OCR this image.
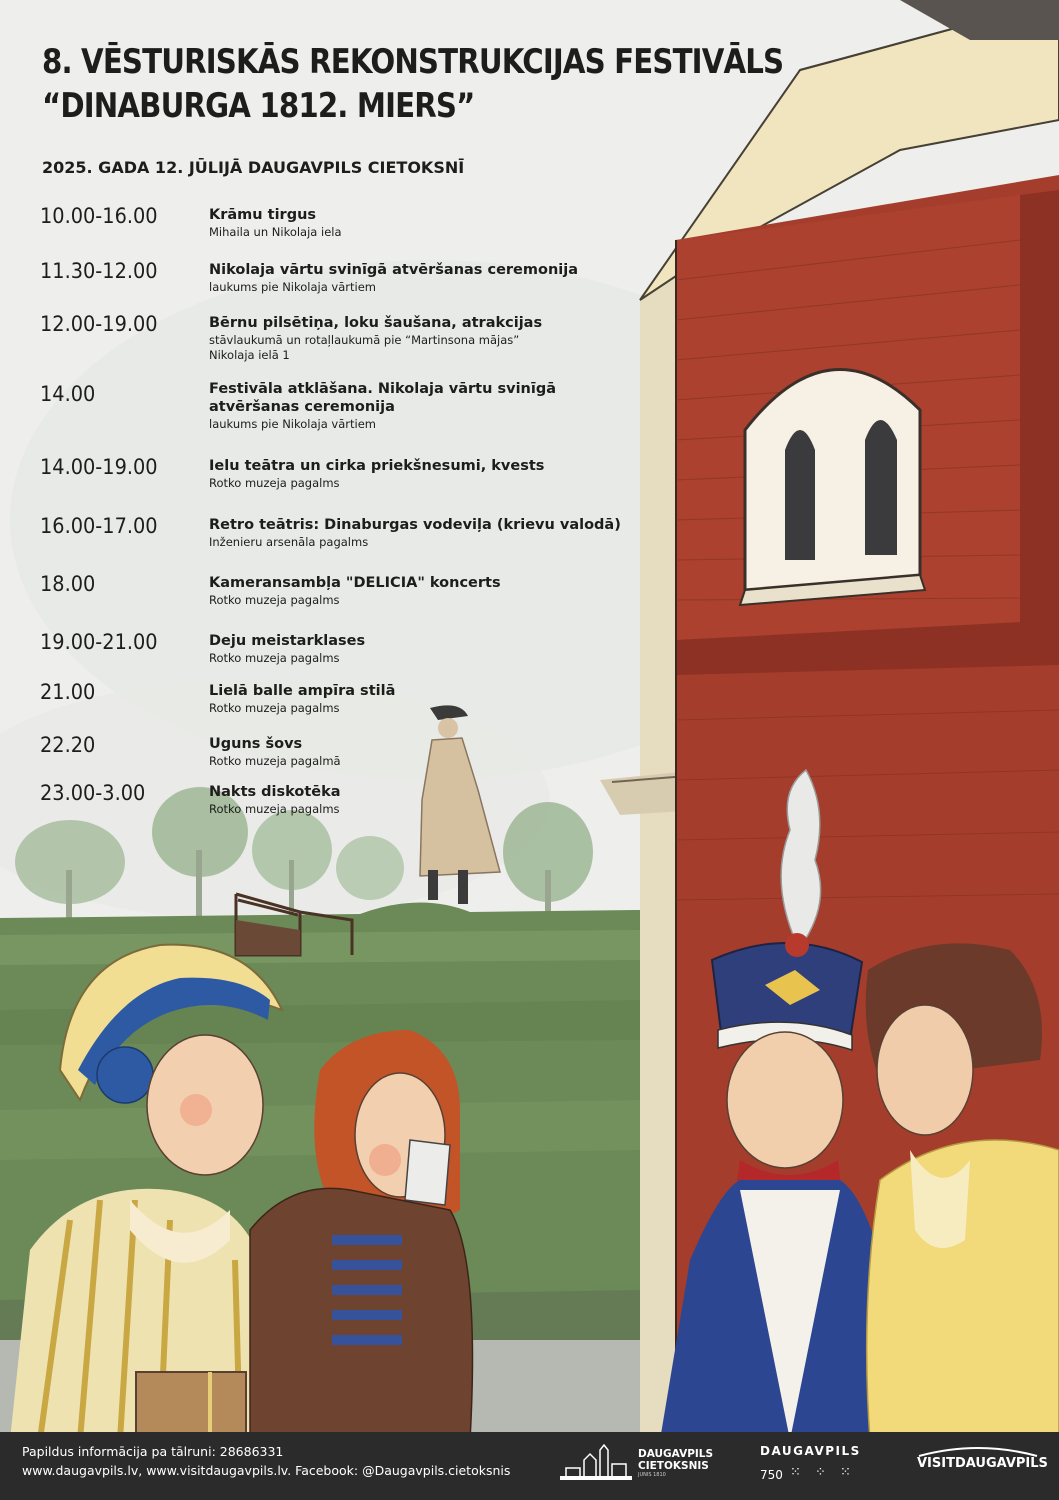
8. VĒSTURISKĀS REKONSTRUKCIJAS FESTIVĀLS
“DINABURGA 1812. MIERS”
2025. GADA 12. JŪLIJĀ DAUGAVPILS CIETOKSNĪ
10.00-16.00	Krāmu tirgus
Mihaila un Nikolaja iela
11.30-12.00	Nikolaja vārtu svinīgā atvēršanas ceremonija
laukums pie Nikolaja vārtiem
12.00-19.00	Bērnu pilsētiņa, loku šaušana, atrakcijas
stāvlaukumā un rotaļlaukumā pie “Martinsona mājas”
Nikolaja ielā 1
14.00	Festivāla atklāšana. Nikolaja vārtu svinīgā atvēršanas ceremonija
laukums pie Nikolaja vārtiem
14.00-19.00	Ielu teātra un cirka priekšnesumi, kvests
Rotko muzeja pagalms
16.00-17.00	Retro teātris: Dinaburgas vodeviļa (krievu valodā)
Inženieru arsenāla pagalms
18.00	Kameransambļa "DELICIA" koncerts
Rotko muzeja pagalms
19.00-21.00	Deju meistarklases
Rotko muzeja pagalms
21.00	Lielā balle ampīra stilā
Rotko muzeja pagalms
22.20	Uguns šovs
Rotko muzeja pagalmā
23.00-3.00	Nakts diskotēka
Rotko muzeja pagalms
Papildus informācija pa tālruni: 28686331
www.daugavpils.lv, www.visitdaugavpils.lv. Facebook: @Daugavpils.cietoksnis
DAUGAVPILS
CIETOKSNIS
JUNIS 1810
DAUGAVPILS
750 ⁙ ⁘ ⁙
VISITDAUGAVPILS
